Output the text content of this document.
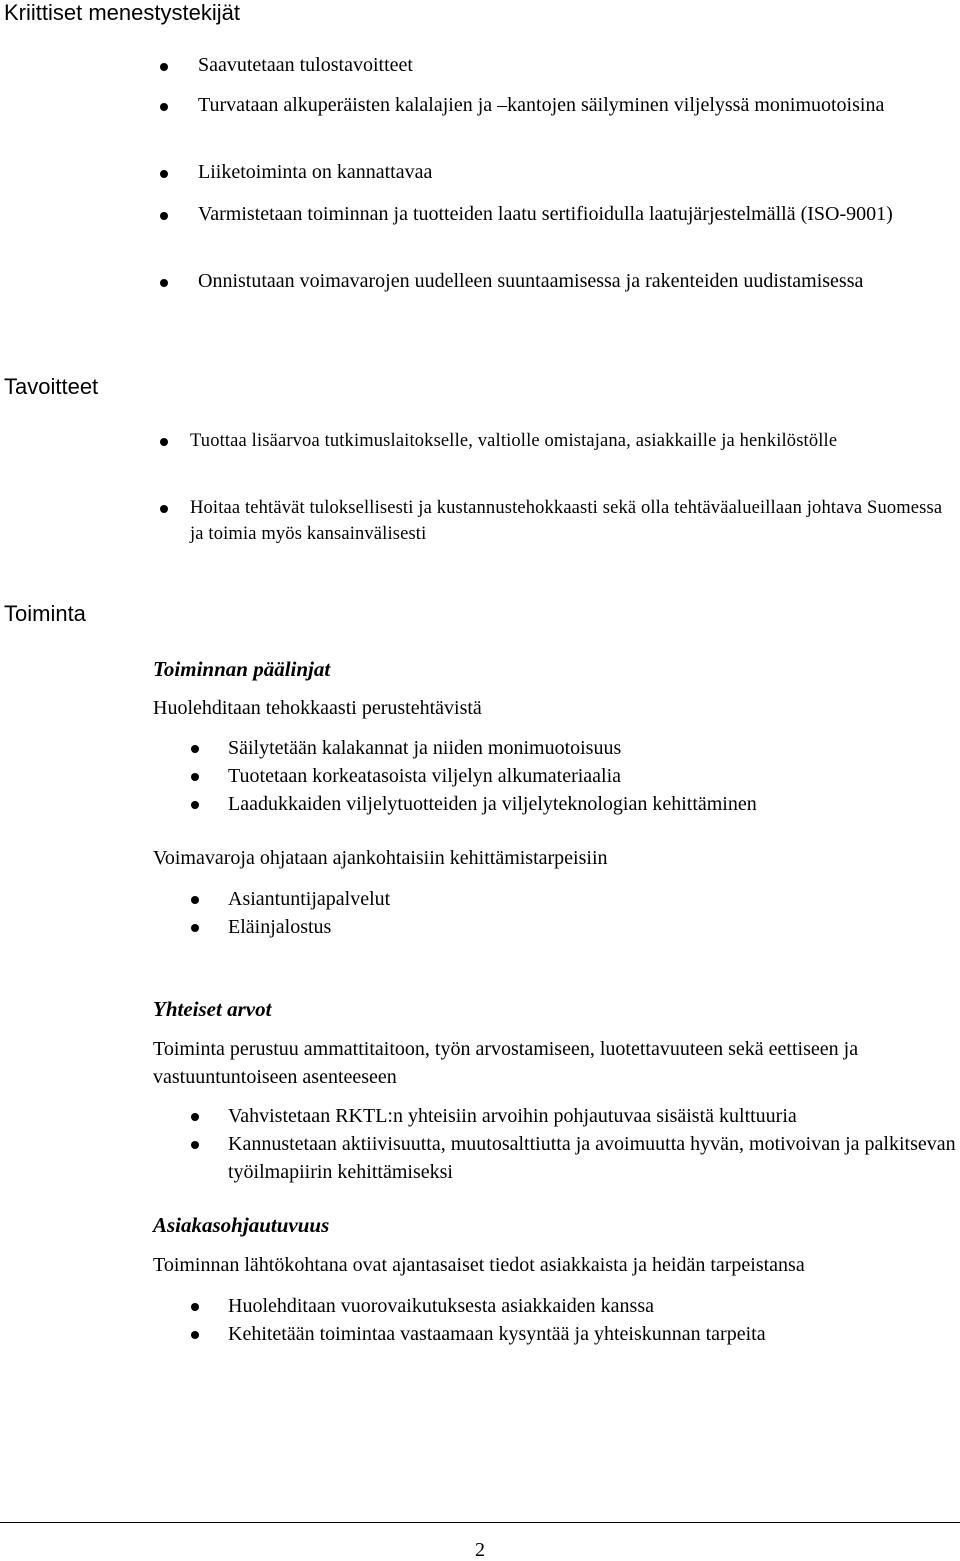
Kriittiset menestystekijät
Saavutetaan tulostavoitteet
Turvataan alkuperäisten kalalajien ja –kantojen säilyminen viljelyssä monimuotoisina
Liiketoiminta on kannattavaa
Varmistetaan toiminnan ja tuotteiden laatu sertifioidulla laatujärjestelmällä (ISO-9001)
Onnistutaan voimavarojen uudelleen suuntaamisessa ja rakenteiden uudistamisessa
Tavoitteet
Tuottaa lisäarvoa tutkimuslaitokselle, valtiolle omistajana, asiakkaille ja henkilöstölle
Hoitaa tehtävät tuloksellisesti ja kustannustehokkaasti sekä olla tehtäväalueillaan johtava Suomessa ja toimia myös kansainvälisesti
Toiminta
Toiminnan päälinjat
Huolehditaan tehokkaasti perustehtävistä
Säilytetään kalakannat ja niiden monimuotoisuus
Tuotetaan korkeatasoista viljelyn alkumateriaalia
Laadukkaiden viljelytuotteiden ja viljelyteknologian kehittäminen
Voimavaroja ohjataan ajankohtaisiin kehittämistarpeisiin
Asiantuntijapalvelut
Eläinjalostus
Yhteiset arvot
Toiminta perustuu ammattitaitoon, työn arvostamiseen, luotettavuuteen sekä eettiseen ja vastuuntuntoiseen asenteeseen
Vahvistetaan RKTL:n yhteisiin arvoihin pohjautuvaa sisäistä kulttuuria
Kannustetaan aktiivisuutta, muutosalttiutta ja avoimuutta hyvän, motivoivan ja palkitsevan työilmapiirin kehittämiseksi
Asiakasohjautuvuus
Toiminnan lähtökohtana ovat ajantasaiset tiedot asiakkaista ja heidän tarpeistansa
Huolehditaan vuorovaikutuksesta asiakkaiden kanssa
Kehitetään toimintaa vastaamaan kysyntää ja yhteiskunnan tarpeita
2
